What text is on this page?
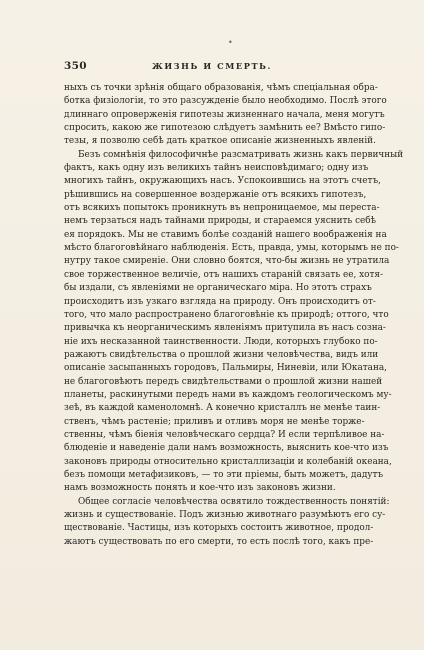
•
350	ЖИЗНЬ И СМЕРТЬ.
ныхъ съ точки зрѣнія общаго образованія, чѣмъ спеціальная обра-
ботка физіологіи, то это разсужденіе было необходимо. Послѣ этого
длиннаго опроверженія гипотезы жизненнаго начала, меня могутъ
спросить, какою же гипотезою слѣдуетъ замѣнить ее? Вмѣсто гипо-
тезы, я позволю себѣ дать краткое описаніе жизненныхъ явленій.
Безъ сомнѣнія философичнѣе разсматривать жизнь какъ первичный
фактъ, какъ одну изъ великихъ тайнъ неисповѣдимаго; одну изъ
многихъ тайнъ, окружающихъ насъ. Успокоившись на этотъ счетъ,
рѣшившись на совершенное воздержаніе отъ всякихъ гипотезъ,
отъ всякихъ попытокъ проникнуть въ непроницаемое, мы переста-
немъ терзаться надъ тайнами природы, и стараемся уяснить себѣ
ея порядокъ. Мы не ставимъ болѣе созданій нашего воображенія на
мѣсто благоговѣйнаго наблюденія. Есть, правда, умы, которымъ не по-
нутру такое смиреніе. Они словно боятся, что-бы жизнь не утратила
свое торжественное величіе, отъ нашихъ стараній связать ее, хотя-
бы издали, съ явленіями не органическаго міра. Но этотъ страхъ
происходитъ изъ узкаго взгляда на природу. Онъ происходитъ от-
того, что мало распространено благоговѣніе къ природѣ; оттого, что
привычка къ неорганическимъ явленіямъ притупила въ насъ созна-
ніе ихъ несказанной таинственности. Люди, которыхъ глубоко по-
ражаютъ свидѣтельства о прошлой жизни человѣчества, видъ или
описаніе засыпанныхъ городовъ, Пальмиры, Ниневіи, или Юкатана,
не благоговѣютъ передъ свидѣтельствами о прошлой жизни нашей
планеты, раскинутыми передъ нами въ каждомъ геологическомъ му-
зеѣ, въ каждой каменоломнѣ. А конечно кристаллъ не менѣе таин-
ственъ, чѣмъ растеніе; приливъ и отливъ моря не менѣе торже-
ственны, чѣмъ біенія человѣческаго сердца? И если терпѣливое на-
блюденіе и наведеніе дали намъ возможность, выяснить кое-что изъ
законовъ природы относительно кристаллизаціи и колебаній океана,
безъ помощи метафизиковъ, — то эти пріемы, быть можетъ, дадутъ
намъ возможность понять и кое-что изъ законовъ жизни.
Общее согласіе человѣчества освятило тождественность понятій:
жизнь и существованіе. Подъ жизнью животнаго разумѣютъ его су-
ществованіе. Частицы, изъ которыхъ состоитъ животное, продол-
жаютъ существовать по его смерти, то есть послѣ того, какъ пре-
